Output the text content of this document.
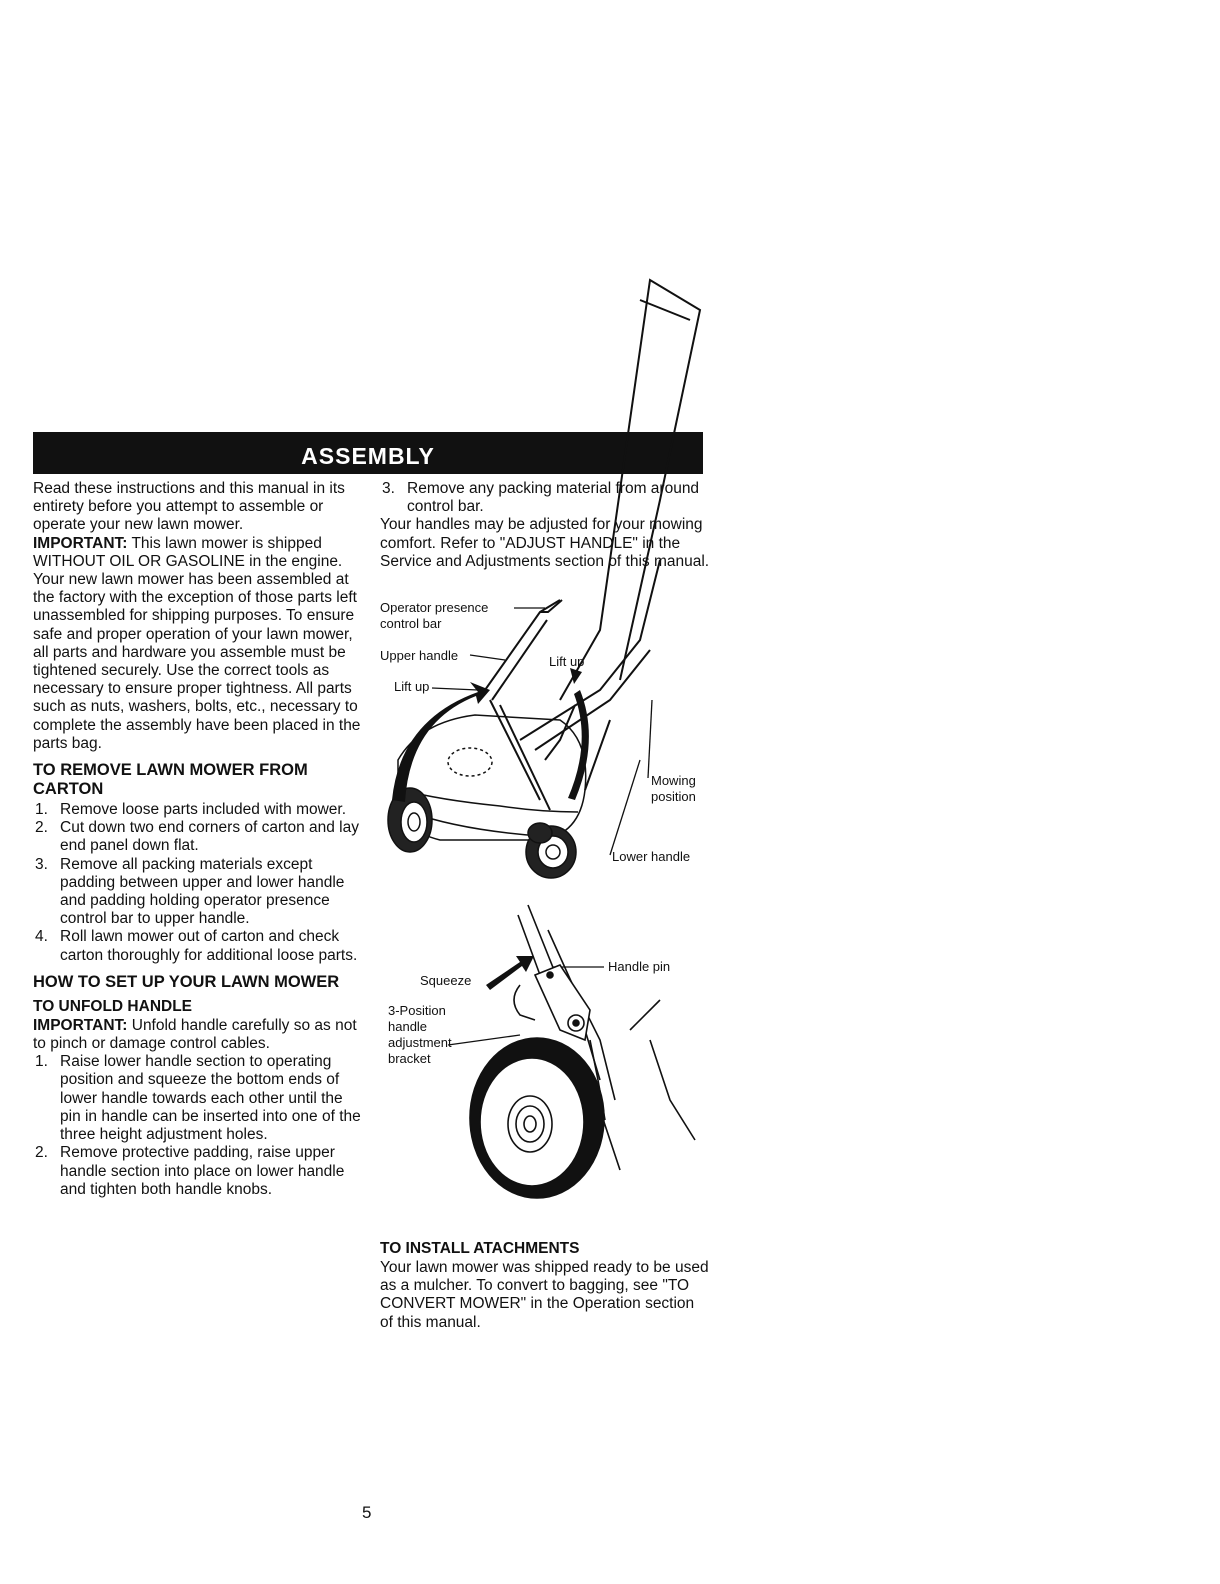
ASSEMBLY

Read these instructions and this manual in its entirety before you attempt to assemble or operate your new lawn mower.

IMPORTANT: This lawn mower is shipped WITHOUT OIL OR GASOLINE in the engine.

Your new lawn mower has been assembled at the factory with the exception of those parts left unassembled for shipping purposes. To ensure safe and proper operation of your lawn mower, all parts and hardware you assemble must be tightened securely. Use the correct tools as necessary to ensure proper tightness. All parts such as nuts, washers, bolts, etc., necessary to complete the assembly have been placed in the parts bag.

TO REMOVE LAWN MOWER FROM CARTON
1. Remove loose parts included with mower.
2. Cut down two end corners of carton and lay end panel down flat.
3. Remove all packing materials except padding between upper and lower handle and padding holding operator presence control bar to upper handle.
4. Roll lawn mower out of carton and check carton thoroughly for additional loose parts.
HOW TO SET UP YOUR LAWN MOWER
TO UNFOLD HANDLE

IMPORTANT: Unfold handle carefully so as not to pinch or damage control cables.

1. Raise lower handle section to operating position and squeeze the bottom ends of lower handle towards each other until the pin in handle can be inserted into one of the three height adjustment holes.
2. Remove protective padding, raise upper handle section into place on lower handle and tighten both handle knobs.
3. Remove any packing material from around control bar.

Your handles may be adjusted for your mowing comfort. Refer to "ADJUST HANDLE" in the Service and Adjustments section of this manual.

Operator presence
control bar
Upper handle
Lift up
Lift up
Mowing
position
Lower handle
Squeeze
Handle pin
3-Position
handle
adjustment
bracket
TO INSTALL ATACHMENTS

Your lawn mower was shipped ready to be used as a mulcher. To convert to bagging, see "TO CONVERT MOWER" in the Operation section of this manual.

5
